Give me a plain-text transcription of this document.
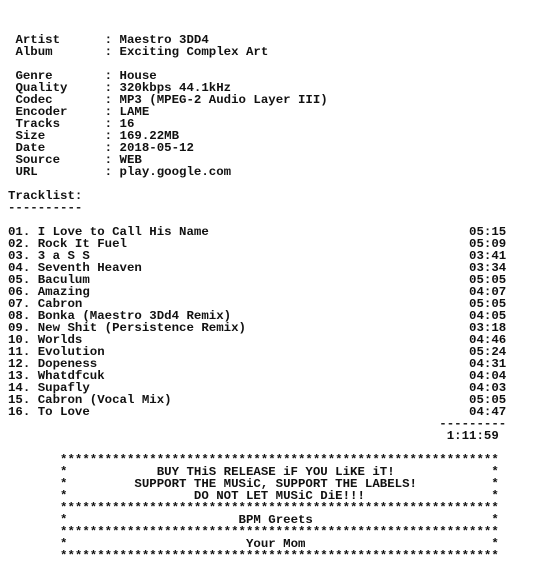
Artist      : Maestro 3DD4
Album       : Exciting Complex Art

Genre       : House
Quality     : 320kbps 44.1kHz
Codec       : MP3 (MPEG-2 Audio Layer III)
Encoder     : LAME
Tracks      : 16
Size        : 169.22MB
Date        : 2018-05-12
Source      : WEB
URL         : play.google.com

Tracklist:
----------

01. I Love to Call His Name	05:15
02. Rock It Fuel	05:09
03. 3 a S S	03:41
04. Seventh Heaven	03:34
05. Baculum	05:05
06. Amazing	04:07
07. Cabron	05:05
08. Bonka (Maestro 3Dd4 Remix)	04:05
09. New Shit (Persistence Remix)	03:18
10. Worlds	04:46
11. Evolution	05:24
12. Dopeness	04:31
13. Whatdfcuk	04:04
14. Supafly	04:03
15. Cabron (Vocal Mix)	05:05
16. To Love	04:47
---------
1:11:59

***********************************************************
*            BUY THiS RELEASE iF YOU LiKE iT!             *
*         SUPPORT THE MUSiC, SUPPORT THE LABELS!          *
*                 DO NOT LET MUSiC DiE!!!                 *
***********************************************************
*                       BPM Greets                        *
***********************************************************
*                        Your Mom                         *
***********************************************************
